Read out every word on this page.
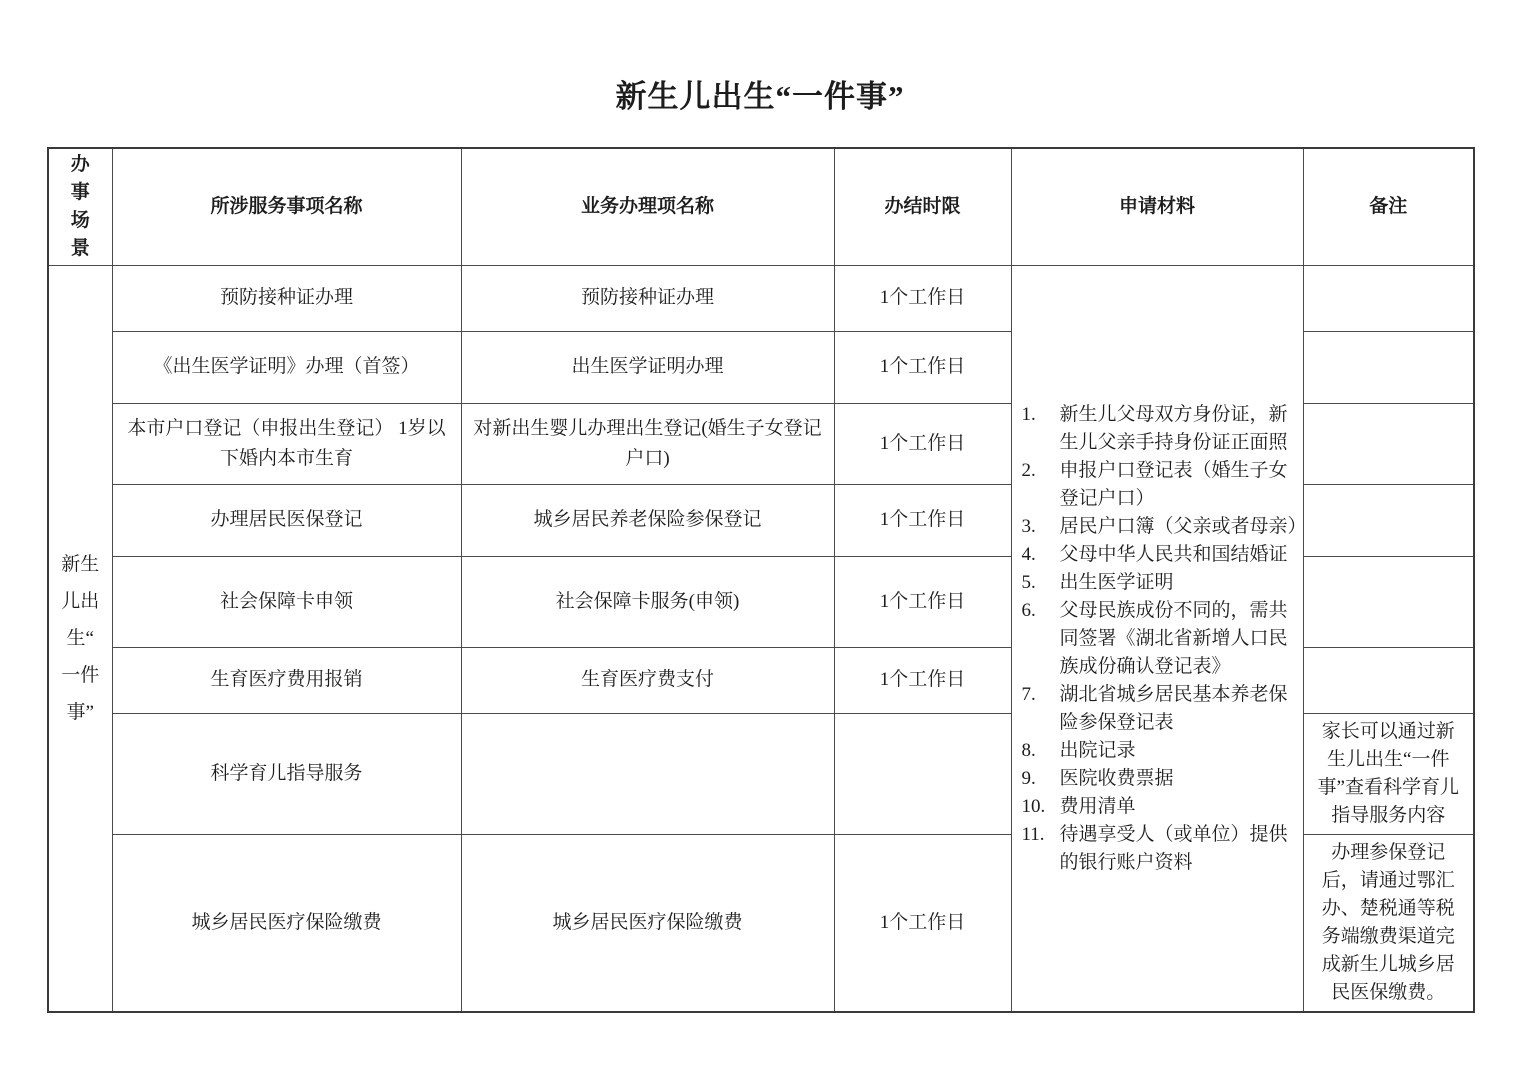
新生儿出生“一件事”
办事场景	所涉服务事项名称	业务办理项名称	办结时限	申请材料	备注

新生儿出生“一件事”
	预防接种证办理	预防接种证办理	1个工作日	
1.	新生儿父母双方身份证，新生儿父亲手持身份证正面照
2.	申报户口登记表（婚生子女登记户口）
3.	居民户口簿（父亲或者母亲）
4.	父母中华人民共和国结婚证
5.	出生医学证明
6.	父母民族成份不同的，需共同签署《湖北省新增人口民族成份确认登记表》
7.	湖北省城乡居民基本养老保险参保登记表
8.	出院记录
9.	医院收费票据
10. 费用清单
11. 待遇享受人（或单位）提供的银行账户资料

	《出生医学证明》办理（首签）	出生医学证明办理	1个工作日		
	本市户口登记（申报出生登记） 1岁以下婚内本市生育	对新出生婴儿办理出生登记(婚生子女登记户口)	1个工作日		
	办理居民医保登记	城乡居民养老保险参保登记	1个工作日		
	社会保障卡申领	社会保障卡服务(申领)	1个工作日		
	生育医疗费用报销	生育医疗费支付	1个工作日		
	科学育儿指导服务				家长可以通过新生儿出生“一件事”查看科学育儿指导服务内容
	城乡居民医疗保险缴费	城乡居民医疗保险缴费	1个工作日		办理参保登记后，请通过鄂汇办、楚税通等税务端缴费渠道完成新生儿城乡居民医保缴费。
